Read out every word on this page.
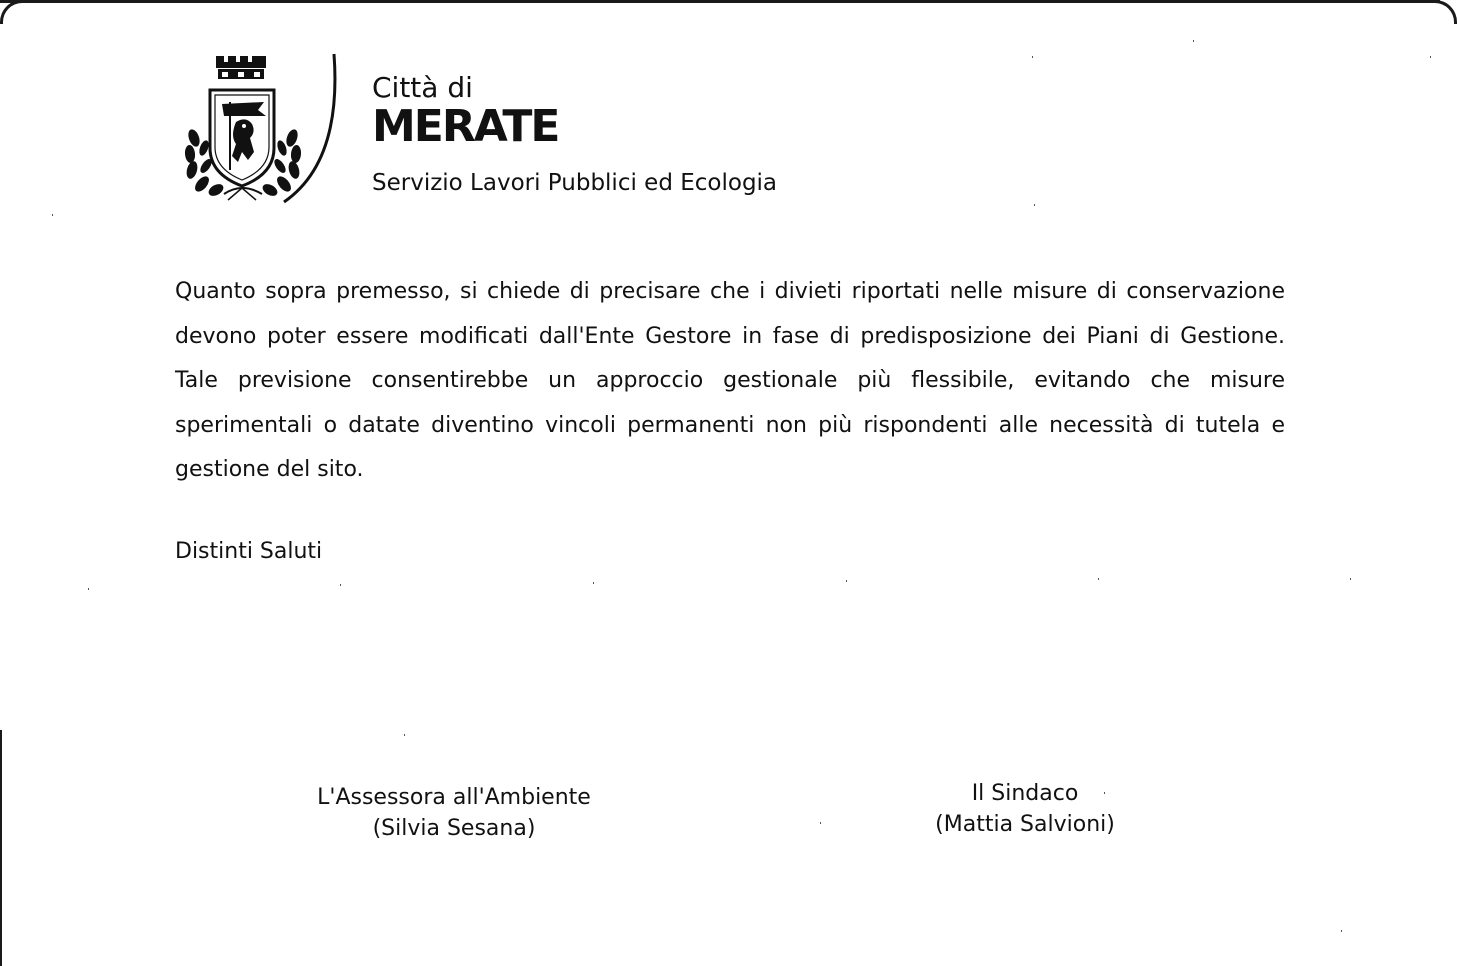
Città di
MERATE
Servizio Lavori Pubblici ed Ecologia

Quanto sopra premesso, si chiede di precisare che i divieti riportati nelle misure di conservazione devono poter essere modificati dall'Ente Gestore in fase di predisposizione dei Piani di Gestione. Tale previsione consentirebbe un approccio gestionale più flessibile, evitando che misure sperimentali o datate diventino vincoli permanenti non più rispondenti alle necessità di tutela e gestione del sito.

Distinti Saluti

L'Assessora all'Ambiente
(Silvia Sesana)
Il Sindaco
(Mattia Salvioni)
